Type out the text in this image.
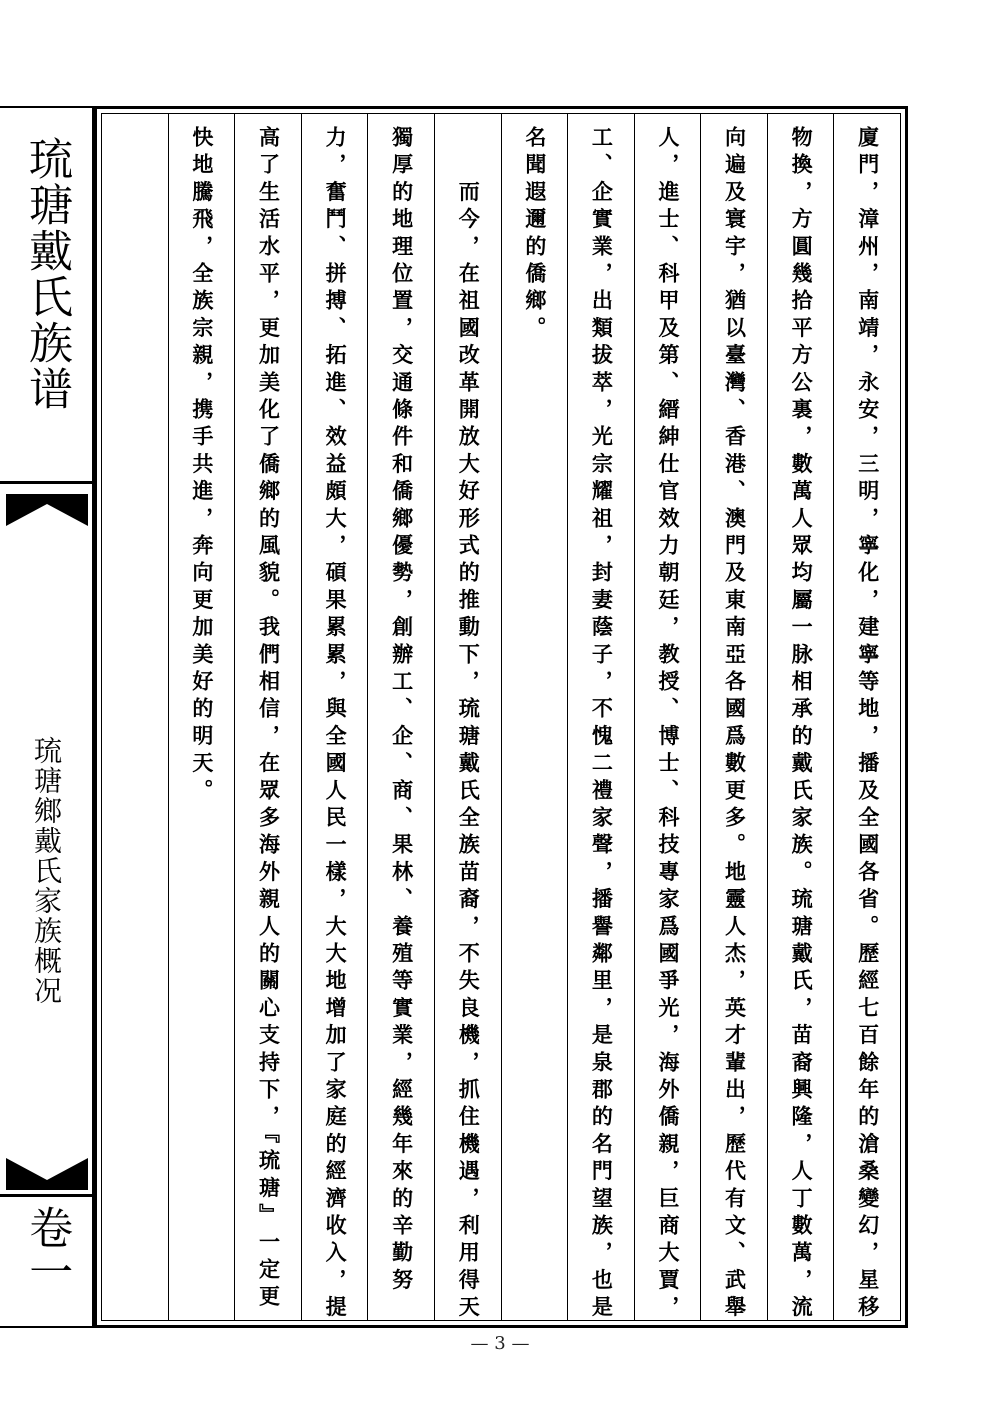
琉瑭戴氏族谱
琉瑭鄉戴氏家族概况
卷一	廈門，漳州，南靖，永安，三明，寧化，建寧等地，播及全國各省。歷經七百餘年的滄桑變幻，星移
物換，方圓幾拾平方公裏，數萬人眾均屬一脉相承的戴氏家族。琉瑭戴氏，苗裔興隆，人丁數萬，流
向遍及寰宇，猶以臺灣、香港、澳門及東南亞各國爲數更多。地靈人杰，英才輩出，歷代有文、武舉
人，進士、科甲及第、縉紳仕官效力朝廷，教授、博士、科技專家爲國爭光，海外僑親，巨商大賈，
工、企實業，出類拔萃，光宗耀祖，封妻蔭子，不愧二禮家聲，播譽鄰里，是泉郡的名門望族，也是
名聞遐邇的僑鄉。
　　而今，在祖國改革開放大好形式的推動下，琉瑭戴氏全族苗裔，不失良機，抓住機遇，利用得天
獨厚的地理位置，交通條件和僑鄉優勢，創辦工、企、商、果林、養殖等實業，經幾年來的辛勤努
力，奮鬥、拼搏、拓進、效益頗大，碩果累累，與全國人民一樣，大大地增加了家庭的經濟收入，提
高了生活水平，更加美化了僑鄉的風貌。我們相信，在眾多海外親人的關心支持下，『琉瑭』一定更
快地騰飛，全族宗親，携手共進，奔向更加美好的明天。
— 3 —
